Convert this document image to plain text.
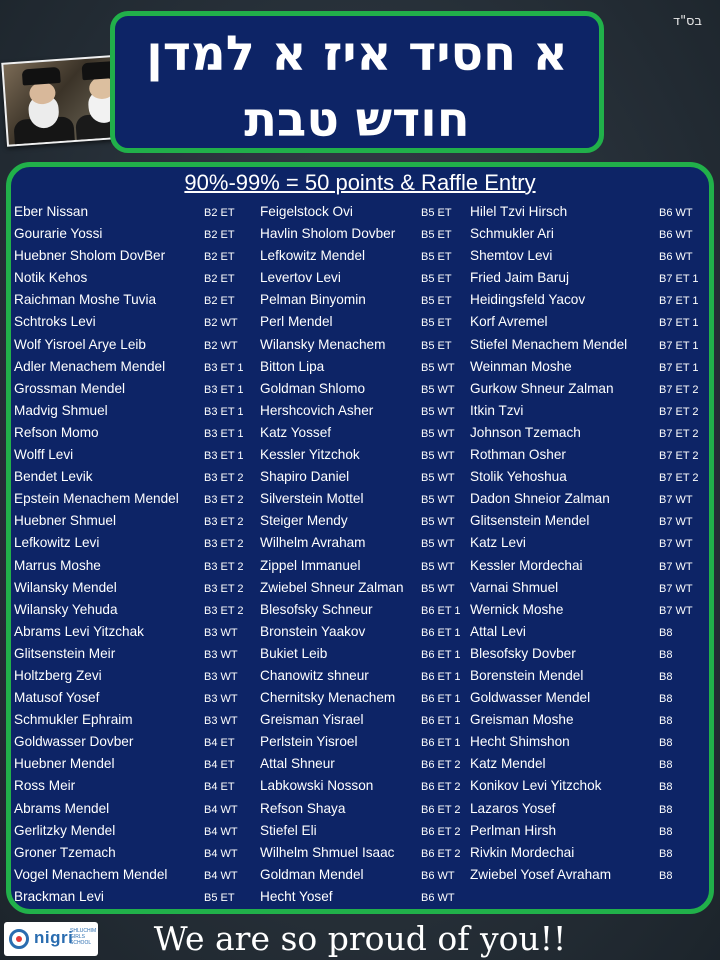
בס"ד
א חסיד איז א למדן
חודש טבת
90%-99% = 50 points & Raffle Entry
Eber Nissan	B2 ET
Gourarie Yossi	B2 ET
Huebner Sholom DovBer	B2 ET
Notik Kehos	B2 ET
Raichman Moshe Tuvia	B2 ET
Schtroks Levi	B2 WT
Wolf Yisroel Arye Leib	B2 WT
Adler Menachem Mendel	B3 ET 1
Grossman Mendel	B3 ET 1
Madvig Shmuel	B3 ET 1
Refson Momo	B3 ET 1
Wolff Levi	B3 ET 1
Bendet Levik	B3 ET 2
Epstein Menachem Mendel B3 ET 2
Huebner Shmuel	B3 ET 2
Lefkowitz Levi	B3 ET 2
Marrus Moshe	B3 ET 2
Wilansky Mendel	B3 ET 2
Wilansky Yehuda	B3 ET 2
Abrams Levi Yitzchak	B3 WT
Glitsenstein Meir	B3 WT
Holtzberg Zevi	B3 WT
Matusof Yosef	B3 WT
Schmukler Ephraim	B3 WT
Goldwasser Dovber	B4 ET
Huebner Mendel	B4 ET
Ross Meir	B4 ET
Abrams Mendel	B4 WT
Gerlitzky Mendel	B4 WT
Groner Tzemach	B4 WT
Vogel Menachem Mendel	B4 WT
Brackman Levi	B5 ET
Feigelstock Ovi	B5 ET
Havlin Sholom Dovber B5 ET
Lefkowitz Mendel	B5 ET
Levertov Levi	B5 ET
Pelman Binyomin	B5 ET
Perl Mendel	B5 ET
Wilansky Menachem	B5 ET
Bitton Lipa	B5 WT
Goldman Shlomo	B5 WT
Hershcovich Asher	B5 WT
Katz Yossef	B5 WT
Kessler Yitzchok	B5 WT
Shapiro Daniel	B5 WT
Silverstein Mottel	B5 WT
Steiger Mendy	B5 WT
Wilhelm Avraham	B5 WT
Zippel Immanuel	B5 WT
Zwiebel Shneur Zalman B5 WT
Blesofsky Schneur	B6 ET 1
Bronstein Yaakov	B6 ET 1
Bukiet Leib	B6 ET 1
Chanowitz shneur	B6 ET 1
Chernitsky Menachem B6 ET 1
Greisman Yisrael	B6 ET 1
Perlstein Yisroel	B6 ET 1
Attal Shneur	B6 ET 2
Labkowski Nosson	B6 ET 2
Refson Shaya	B6 ET 2
Stiefel Eli	B6 ET 2
Wilhelm Shmuel Isaac B6 ET 2
Goldman Mendel	B6 WT
Hecht Yosef	B6 WT
Hilel Tzvi Hirsch	B6 WT
Schmukler Ari	B6 WT
Shemtov Levi	B6 WT
Fried Jaim Baruj	B7 ET 1
Heidingsfeld Yacov	B7 ET 1
Korf Avremel	B7 ET 1
Stiefel Menachem Mendel	B7 ET 1
Weinman Moshe	B7 ET 1
Gurkow Shneur Zalman	B7 ET 2
Itkin Tzvi	B7 ET 2
Johnson Tzemach	B7 ET 2
Rothman Osher	B7 ET 2
Stolik Yehoshua	B7 ET 2
Dadon Shneior Zalman	B7 WT
Glitsenstein Mendel	B7 WT
Katz Levi	B7 WT
Kessler Mordechai	B7 WT
Varnai Shmuel	B7 WT
Wernick Moshe	B7 WT
Attal Levi	B8
Blesofsky Dovber	B8
Borenstein Mendel	B8
Goldwasser Mendel	B8
Greisman Moshe	B8
Hecht Shimshon	B8
Katz Mendel	B8
Konikov Levi Yitzchok	B8
Lazaros Yosef	B8
Perlman Hirsh	B8
Rivkin Mordechai	B8
Zwiebel Yosef Avraham	B8
nigri
SHLUCHIM GIRLS SCHOOL	We are so proud of you!!
